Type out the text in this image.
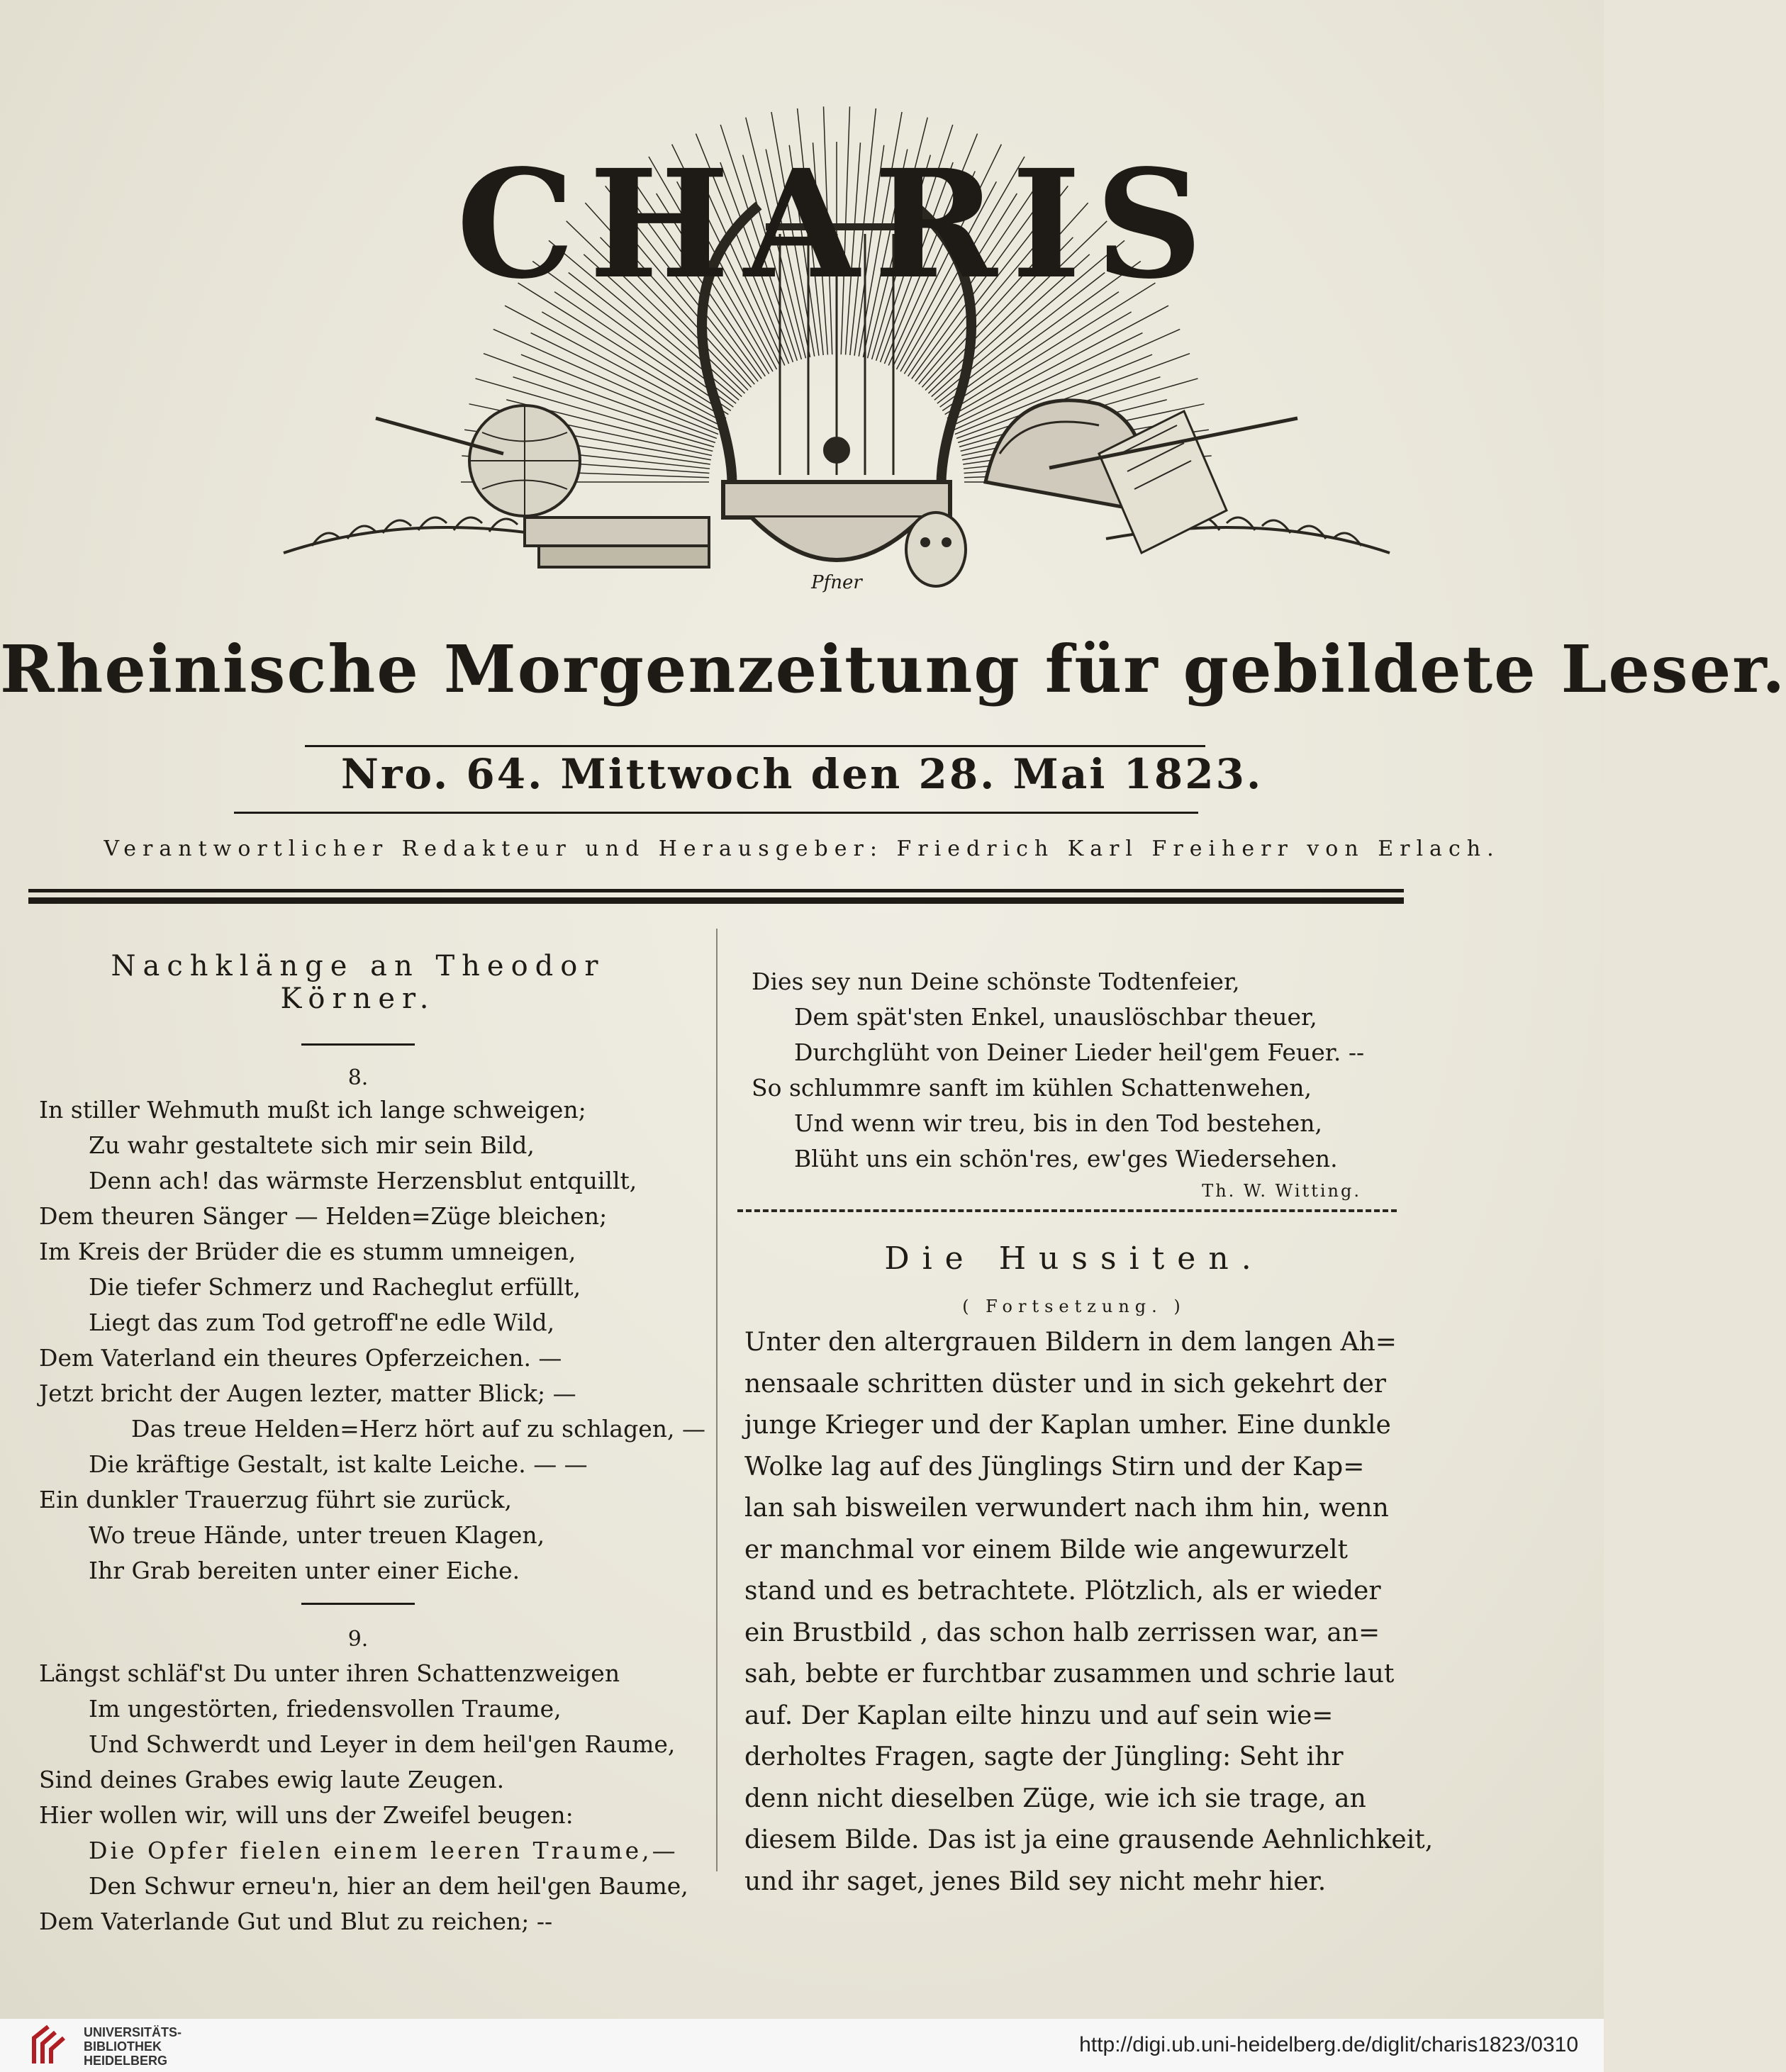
CHARIS
Pfner
Rheinische Morgenzeitung für gebildete Leser.
Nro. 64. Mittwoch den 28. Mai 1823.
Verantwortlicher Redakteur und Herausgeber: Friedrich Karl Freiherr von Erlach.
Nachklänge an Theodor Körner.
8.
In stiller Wehmuth mußt ich lange schweigen;
Zu wahr gestaltete sich mir sein Bild,
Denn ach! das wärmste Herzensblut entquillt,
Dem theuren Sänger — Helden=Züge bleichen;
Im Kreis der Brüder die es stumm umneigen,
Die tiefer Schmerz und Racheglut erfüllt,
Liegt das zum Tod getroff'ne edle Wild,
Dem Vaterland ein theures Opferzeichen. —
Jetzt bricht der Augen lezter, matter Blick; —
Das treue Helden=Herz hört auf zu schlagen, —
Die kräftige Gestalt, ist kalte Leiche. — —
Ein dunkler Trauerzug führt sie zurück,
Wo treue Hände, unter treuen Klagen,
Ihr Grab bereiten unter einer Eiche.
9.
Längst schläf'st Du unter ihren Schattenzweigen
Im ungestörten, friedensvollen Traume,
Und Schwerdt und Leyer in dem heil'gen Raume,
Sind deines Grabes ewig laute Zeugen.
Hier wollen wir, will uns der Zweifel beugen:
Die Opfer fielen einem leeren Traume,—
Den Schwur erneu'n, hier an dem heil'gen Baume,
Dem Vaterlande Gut und Blut zu reichen; --
Dies sey nun Deine schönste Todtenfeier,
Dem spät'sten Enkel, unauslöschbar theuer,
Durchglüht von Deiner Lieder heil'gem Feuer. --
So schlummre sanft im kühlen Schattenwehen,
Und wenn wir treu, bis in den Tod bestehen,
Blüht uns ein schön'res, ew'ges Wiedersehen.
Th. W. Witting.
Die Hussiten.
( Fortsetzung. )
Unter den altergrauen Bildern in dem langen Ah=
nensaale schritten düster und in sich gekehrt der
junge Krieger und der Kaplan umher. Eine dunkle
Wolke lag auf des Jünglings Stirn und der Kap=
lan sah bisweilen verwundert nach ihm hin, wenn
er manchmal vor einem Bilde wie angewurzelt
stand und es betrachtete. Plötzlich, als er wieder
ein Brustbild , das schon halb zerrissen war, an=
sah, bebte er furchtbar zusammen und schrie laut
auf. Der Kaplan eilte hinzu und auf sein wie=
derholtes Fragen, sagte der Jüngling: Seht ihr
denn nicht dieselben Züge, wie ich sie trage, an
diesem Bilde. Das ist ja eine grausende Aehnlichkeit,
und ihr saget, jenes Bild sey nicht mehr hier.
UNIVERSITÄTS-
BIBLIOTHEK
HEIDELBERG
http://digi.ub.uni-heidelberg.de/diglit/charis1823/0310
